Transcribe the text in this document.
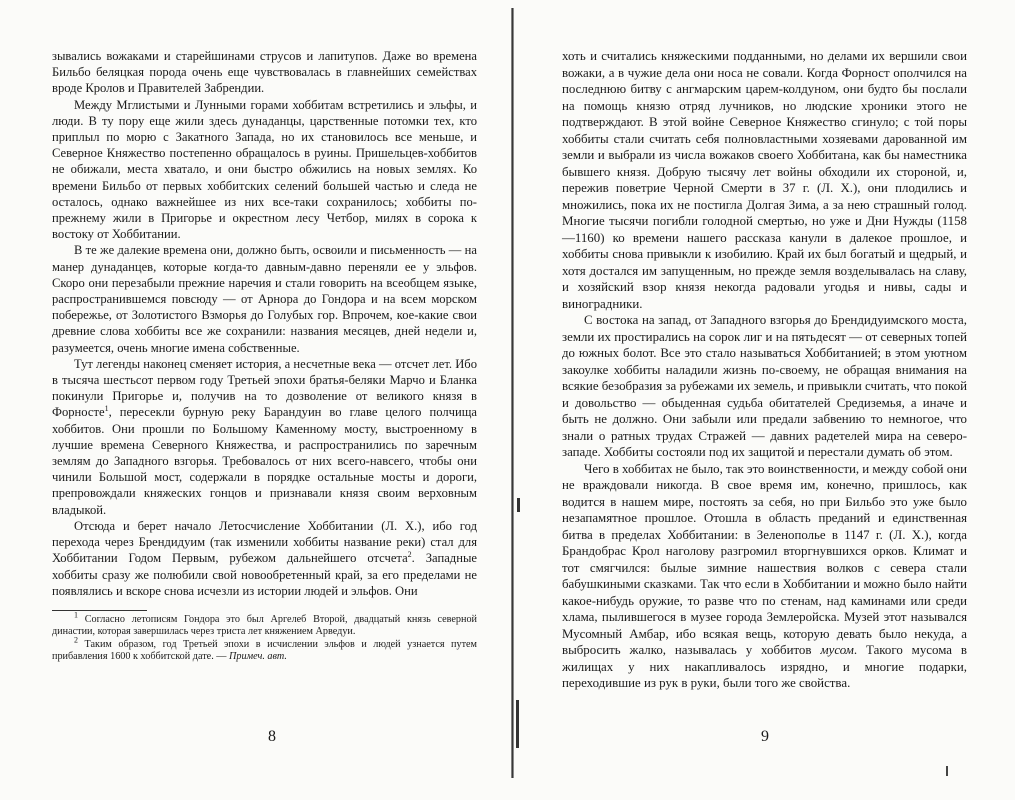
зывались вожаками и старейшинами струсов и лапитупов. Даже во времена Бильбо беляцкая порода очень еще чувствовалась в главнейших семействах вроде Кролов и Правителей Забрендии.

Между Мглистыми и Лунными горами хоббитам встретились и эльфы, и люди. В ту пору еще жили здесь дунаданцы, царственные потомки тех, кто приплыл по морю с Закатного Запада, но их становилось все меньше, и Северное Княжество постепенно обращалось в руины. Пришельцев-хоббитов не обижали, места хватало, и они быстро обжились на новых землях. Ко времени Бильбо от первых хоббитских селений большей частью и следа не осталось, однако важнейшее из них все-таки сохранилось; хоббиты по-прежнему жили в Пригорье и окрестном лесу Четбор, милях в сорока к востоку от Хоббитании.

В те же далекие времена они, должно быть, освоили и письменность — на манер дунаданцев, которые когда-то давным-давно переняли ее у эльфов. Скоро они перезабыли прежние наречия и стали говорить на всеобщем языке, распространившемся повсюду — от Арнора до Гондора и на всем морском побережье, от Золотистого Взморья до Голубых гор. Впрочем, кое-какие свои древние слова хоббиты все же сохранили: названия месяцев, дней недели и, разумеется, очень многие имена собственные.

Тут легенды наконец сменяет история, а несчетные века — отсчет лет. Ибо в тысяча шестьсот первом году Третьей эпохи братья-беляки Марчо и Бланка покинули Пригорье и, получив на то дозволение от великого князя в Форносте$^1$, пересекли бурную реку Барандуин во главе целого полчища хоббитов. Они прошли по Большому Каменному мосту, выстроенному в лучшие времена Северного Княжества, и распространились по заречным землям до Западного взгорья. Требовалось от них всего-навсего, чтобы они чинили Большой мост, содержали в порядке остальные мосты и дороги, препровождали княжеских гонцов и признавали князя своим верховным владыкой.

Отсюда и берет начало Летосчисление Хоббитании (Л. Х.), ибо год перехода через Брендидуим (так изменили хоббиты название реки) стал для Хоббитании Годом Первым, рубежом дальнейшего отсчета$^2$. Западные хоббиты сразу же полюбили свой новообретенный край, за его пределами не появлялись и вскоре снова исчезли из истории людей и эльфов. Они

$^1$ Согласно летописям Гондора это был Аргелеб Второй, двадцатый князь северной династии, которая завершилась через триста лет княжением Арведуи.

$^2$ Таким образом, год Третьей эпохи в исчислении эльфов и людей узнается путем прибавления 1600 к хоббитской дате. — Примеч. авт.

8

хоть и считались княжескими подданными, но делами их вершили свои вожаки, а в чужие дела они носа не совали. Когда Форност ополчился на последнюю битву с ангмарским царем-колдуном, они будто бы послали на помощь князю отряд лучников, но людские хроники этого не подтверждают. В этой войне Северное Княжество сгинуло; с той поры хоббиты стали считать себя полновластными хозяевами дарованной им земли и выбрали из числа вожаков своего Хоббитана, как бы наместника бывшего князя. Добрую тысячу лет войны обходили их стороной, и, пережив поветрие Черной Смерти в 37 г. (Л. Х.), они плодились и множились, пока их не постигла Долгая Зима, а за нею страшный голод. Многие тысячи погибли голодной смертью, но уже и Дни Нужды (1158—1160) ко времени нашего рассказа канули в далекое прошлое, и хоббиты снова привыкли к изобилию. Край их был богатый и щедрый, и хотя достался им запущенным, но прежде земля возделывалась на славу, и хозяйский взор князя некогда радовали угодья и нивы, сады и виноградники.

С востока на запад, от Западного взгорья до Брендидуимского моста, земли их простирались на сорок лиг и на пятьдесят — от северных топей до южных болот. Все это стало называться Хоббитанией; в этом уютном закоулке хоббиты наладили жизнь по-своему, не обращая внимания на всякие безобразия за рубежами их земель, и привыкли считать, что покой и довольство — обыденная судьба обитателей Средиземья, а иначе и быть не должно. Они забыли или предали забвению то немногое, что знали о ратных трудах Стражей — давних радетелей мира на северо-западе. Хоббиты состояли под их защитой и перестали думать об этом.

Чего в хоббитах не было, так это воинственности, и между собой они не враждовали никогда. В свое время им, конечно, пришлось, как водится в нашем мире, постоять за себя, но при Бильбо это уже было незапамятное прошлое. Отошла в область преданий и единственная битва в пределах Хоббитании: в Зеленополье в 1147 г. (Л. Х.), когда Брандобрас Крол наголову разгромил вторгнувшихся орков. Климат и тот смягчился: былые зимние нашествия волков с севера стали бабушкиными сказками. Так что если в Хоббитании и можно было найти какое-нибудь оружие, то разве что по стенам, над каминами или среди хлама, пылившегося в музее города Землеройска. Музей этот назывался Мусомный Амбар, ибо всякая вещь, которую девать было некуда, а выбросить жалко, называлась у хоббитов мусом. Такого мусома в жилищах у них накапливалось изрядно, и многие подарки, переходившие из рук в руки, были того же свойства.

9
